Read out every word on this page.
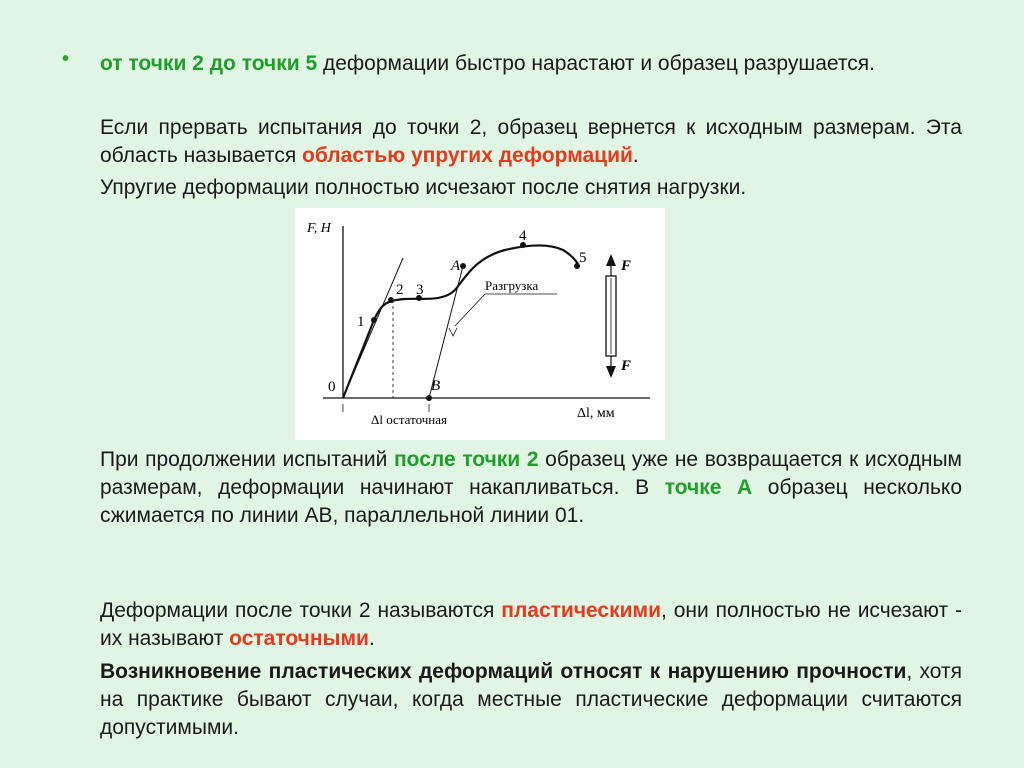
• от точки 2 до точки 5 деформации быстро нарастают и образец разрушается.
Если прервать испытания до точки 2, образец вернется к исходным размерам. Эта область называется областью упругих деформаций.
Упругие деформации полностью исчезают после снятия нагрузки.
F, Н
Δl, мм
0
1
2 3
4
5
A
B
Разгрузка
Δl остаточная
F
F
При продолжении испытаний после точки 2 образец уже не возвращается к исходным размерам, деформации начинают накапливаться. В точке А образец несколько сжимается по линии АВ, параллельной линии 01.
Деформации после точки 2 называются пластическими, они полностью не исчезают - их называют остаточными.
Возникновение пластических деформаций относят к нарушению прочности, хотя на практике бывают случаи, когда местные пластические деформации считаются допустимыми.
